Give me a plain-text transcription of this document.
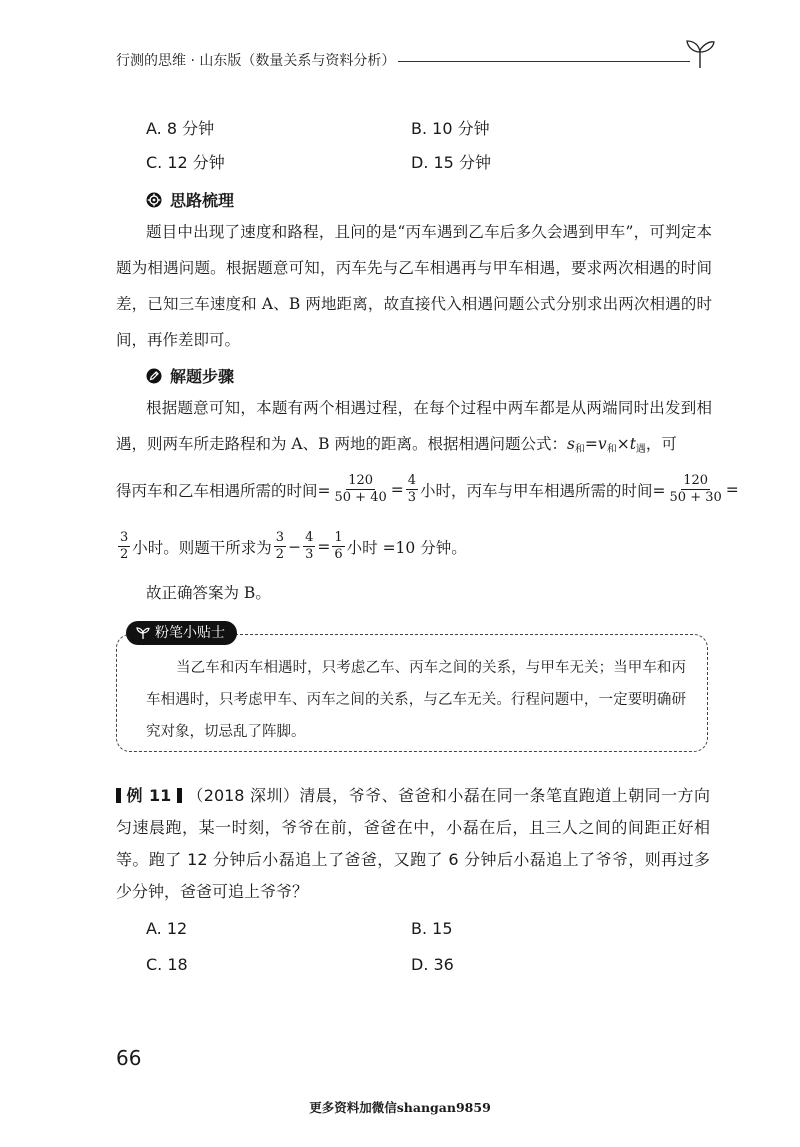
行测的思维 · 山东版（数量关系与资料分析）
A. 8 分钟	B. 10 分钟
C. 12 分钟	D. 15 分钟
思路梳理
题目中出现了速度和路程，且问的是“丙车遇到乙车后多久会遇到甲车”，可判定本题为相遇问题。根据题意可知，丙车先与乙车相遇再与甲车相遇，要求两次相遇的时间差，已知三车速度和 A、B 两地距离，故直接代入相遇问题公式分别求出两次相遇的时间，再作差即可。
解题步骤
根据题意可知，本题有两个相遇过程，在每个过程中两车都是从两端同时出发到相遇，则两车所走路程和为 A、B 两地的距离。根据相遇问题公式：$s_和=v_和\times t_遇$，可
得丙车和乙车相遇所需的时间= $\frac{120}{50 + 40} = \frac{4}{3}$ 小时，丙车与甲车相遇所需的时间= $\frac{120}{50 + 30}$ =
$\frac{3}{2}$ 小时。则题干所求为 $\frac{3}{2} - \frac{4}{3} = \frac{1}{6}$ 小时 =10 分钟。
故正确答案为 B。
粉笔小贴士
当乙车和丙车相遇时，只考虑乙车、丙车之间的关系，与甲车无关；当甲车和丙车相遇时，只考虑甲车、丙车之间的关系，与乙车无关。行程问题中，一定要明确研究对象，切忌乱了阵脚。
例 11 （2018 深圳）清晨，爷爷、爸爸和小磊在同一条笔直跑道上朝同一方向匀速晨跑，某一时刻，爷爷在前，爸爸在中，小磊在后，且三人之间的间距正好相等。跑了 12 分钟后小磊追上了爸爸，又跑了 6 分钟后小磊追上了爷爷，则再过多少分钟，爸爸可追上爷爷？
A. 12	B. 15
C. 18	D. 36
66
更多资料加微信shangan9859
